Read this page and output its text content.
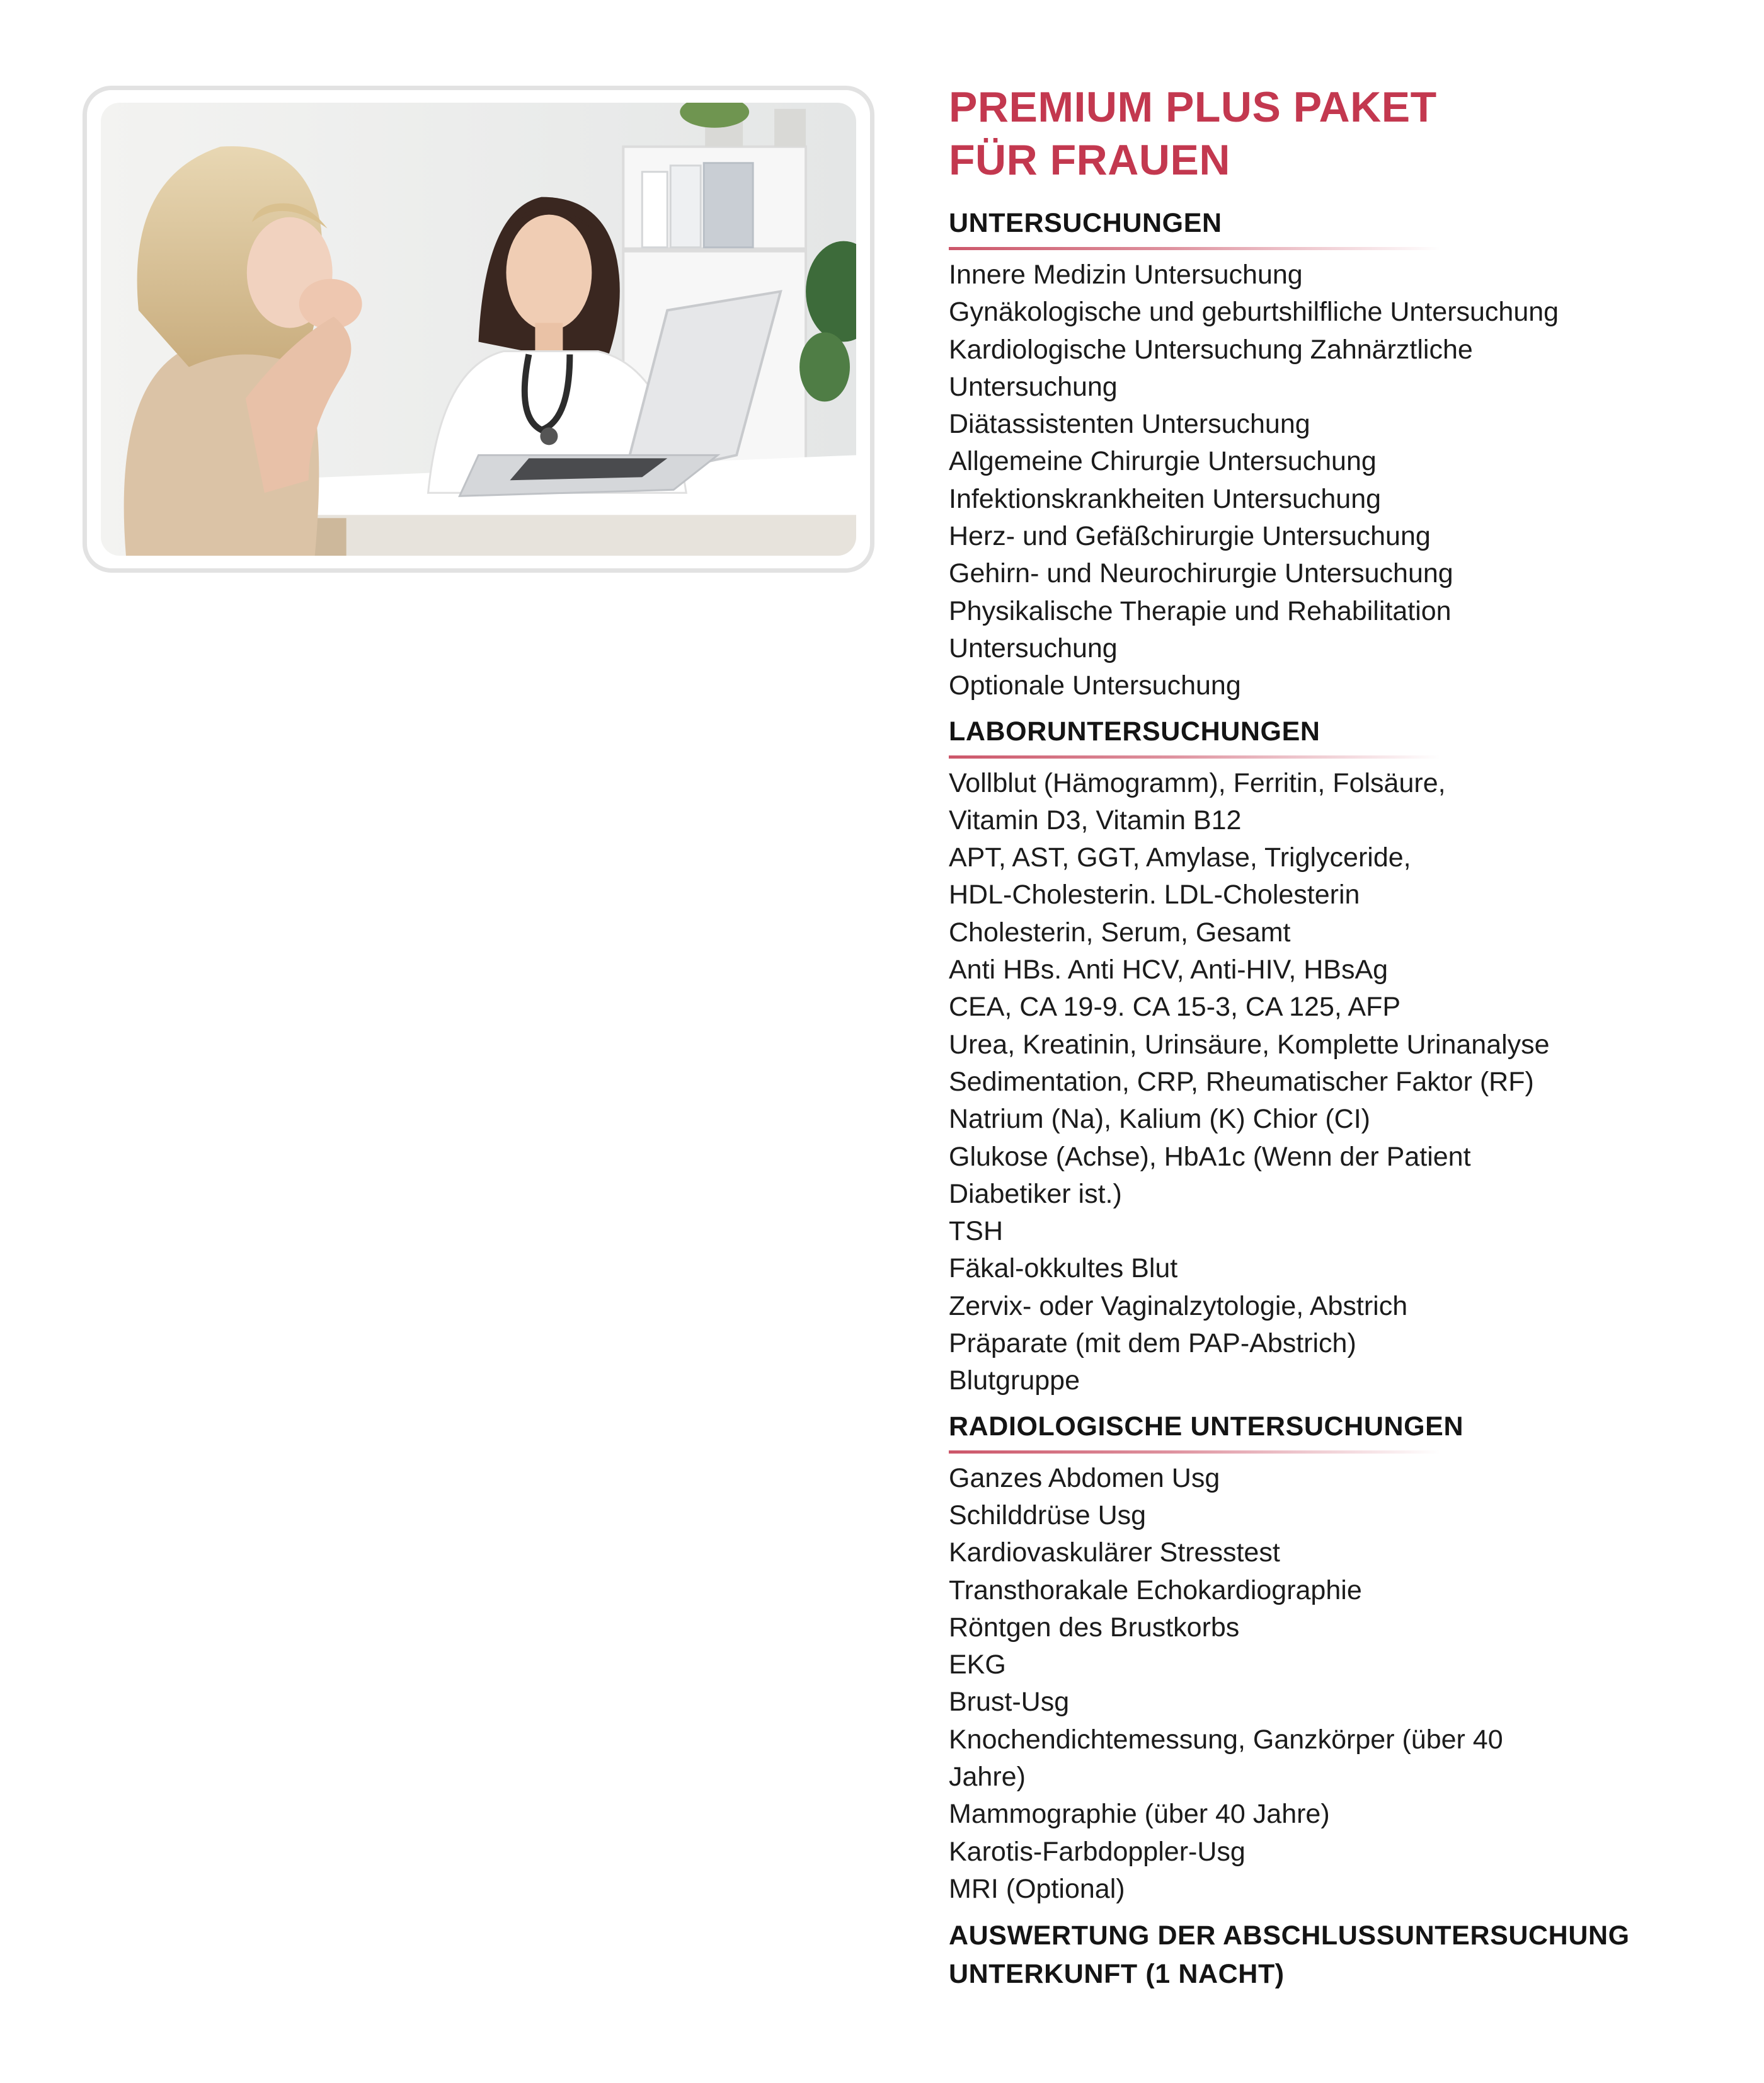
PREMIUM PLUS PAKET
FÜR FRAUEN
UNTERSUCHUNGEN
Innere Medizin Untersuchung
Gynäkologische und geburtshilfliche Untersuchung
Kardiologische Untersuchung Zahnärztliche
Untersuchung
Diätassistenten Untersuchung
Allgemeine Chirurgie Untersuchung
Infektionskrankheiten Untersuchung
Herz- und Gefäßchirurgie Untersuchung
Gehirn- und Neurochirurgie Untersuchung
Physikalische Therapie und Rehabilitation
Untersuchung
Optionale Untersuchung
LABORUNTERSUCHUNGEN
Vollblut (Hämogramm), Ferritin, Folsäure,
Vitamin D3, Vitamin B12
APT, AST, GGT, Amylase, Triglyceride,
HDL-Cholesterin. LDL-Cholesterin
Cholesterin, Serum, Gesamt
Anti HBs. Anti HCV, Anti-HIV, HBsAg
CEA, CA 19-9. CA 15-3, CA 125, AFP
Urea, Kreatinin, Urinsäure, Komplette Urinanalyse
Sedimentation, CRP, Rheumatischer Faktor (RF)
Natrium (Na), Kalium (K) Chior (CI)
Glukose (Achse), HbA1c (Wenn der Patient
Diabetiker ist.)
TSH
Fäkal-okkultes Blut
Zervix- oder Vaginalzytologie, Abstrich
Präparate (mit dem PAP-Abstrich)
Blutgruppe
RADIOLOGISCHE UNTERSUCHUNGEN
Ganzes Abdomen Usg
Schilddrüse Usg
Kardiovaskulärer Stresstest
Transthorakale Echokardiographie
Röntgen des Brustkorbs
EKG
Brust-Usg
Knochendichtemessung, Ganzkörper (über 40
Jahre)
Mammographie (über 40 Jahre)
Karotis-Farbdoppler-Usg
MRI (Optional)

AUSWERTUNG DER ABSCHLUSSUNTERSUCHUNG

UNTERKUNFT (1 NACHT)
